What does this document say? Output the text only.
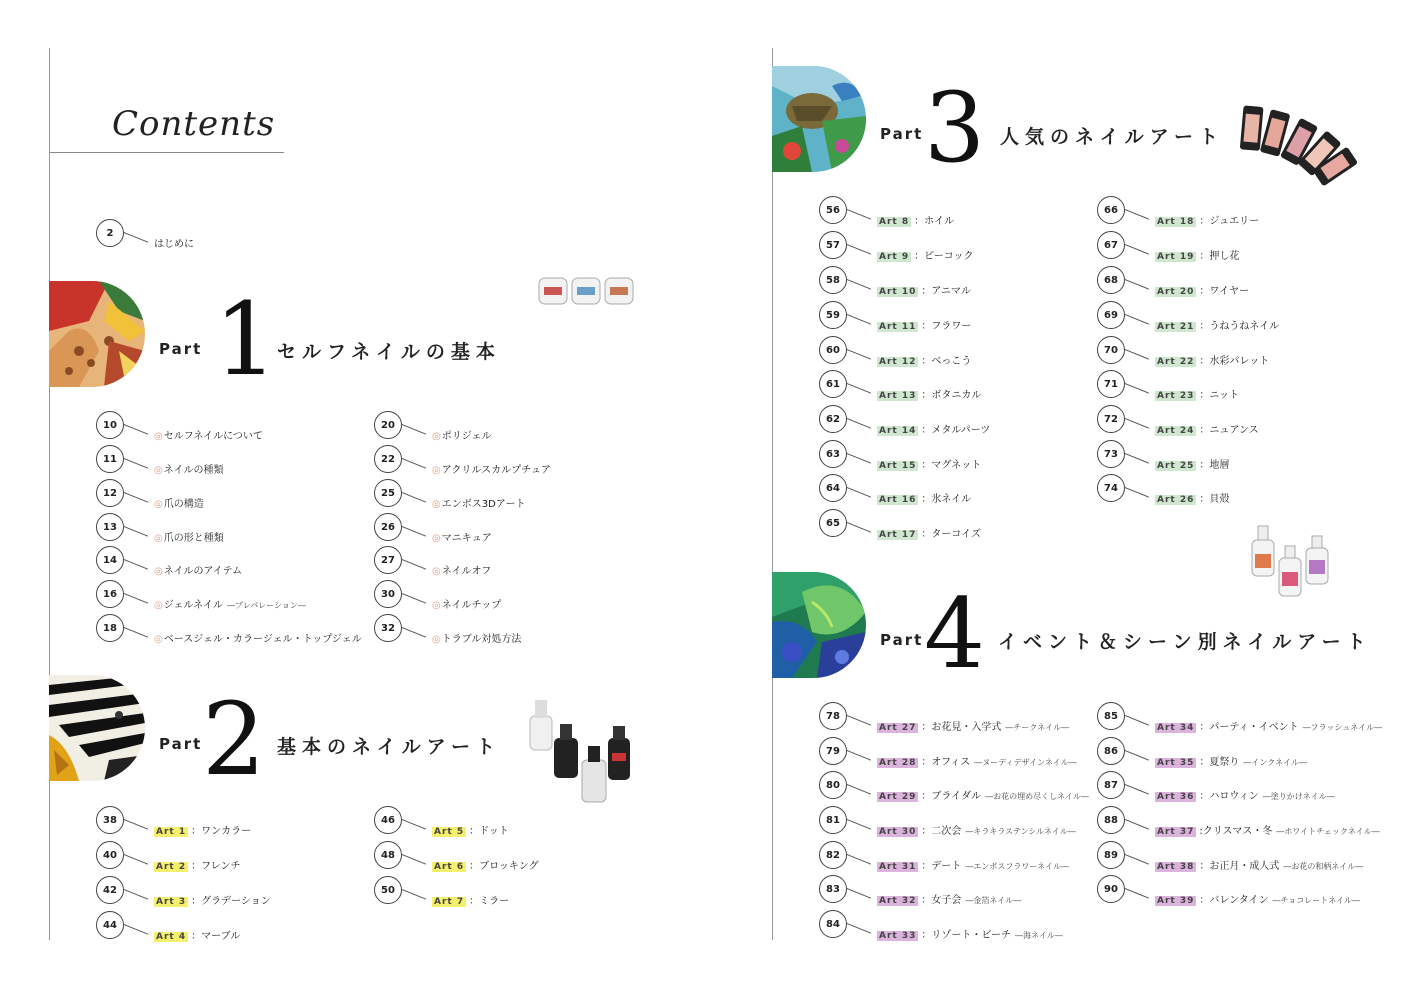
Contents
2
はじめに
Part 1 セルフネイルの基本
10
◎セルフネイルについて
11
◎ネイルの種類
12
◎爪の構造
13
◎爪の形と種類
14
◎ネイルのアイテム
16
◎ジェルネイル ―プレパレーション―
18
◎ベースジェル・カラージェル・トップジェル
20
◎ポリジェル
22
◎アクリルスカルプチュア
25
◎エンボス3Dアート
26
◎マニキュア
27
◎ネイルオフ
30
◎ネイルチップ
32
◎トラブル対処方法
Part 2 基本のネイルアート
38
Art 1 ：ワンカラー
40
Art 2 ：フレンチ
42
Art 3 ：グラデーション
44
Art 4 ：マーブル
46
Art 5 ：ドット
48
Art 6 ：ブロッキング
50
Art 7 ：ミラー
Part 3 人気のネイルアート
56
Art 8 ：ホイル
57
Art 9 ：ピーコック
58
Art 10 ：アニマル
59
Art 11 ：フラワー
60
Art 12 ：べっこう
61
Art 13 ：ボタニカル
62
Art 14 ：メタルパーツ
63
Art 15 ：マグネット
64
Art 16 ：氷ネイル
65
Art 17 ：ターコイズ
66
Art 18 ：ジュエリー
67
Art 19 ：押し花
68
Art 20 ：ワイヤー
69
Art 21 ：うねうねネイル
70
Art 22 ：水彩パレット
71
Art 23 ：ニット
72
Art 24 ：ニュアンス
73
Art 25 ：地層
74
Art 26 ：貝殻
Part 4 イベント＆シーン別ネイルアート
78
Art 27 ：お花見・入学式 ―チークネイル―
79
Art 28 ：オフィス ―ヌーディデザインネイル―
80
Art 29 ：ブライダル ―お花の埋め尽くしネイル―
81
Art 30 ：二次会 ―キラキラステンシルネイル―
82
Art 31 ：デート ―エンボスフラワーネイル―
83
Art 32 ：女子会 ―金箔ネイル―
84
Art 33 ：リゾート・ビーチ ―海ネイル―
85
Art 34 ：パーティ・イベント ―フラッシュネイル―
86
Art 35 ：夏祭り ―インクネイル―
87
Art 36 ：ハロウィン ―塗りかけネイル―
88
Art 37 :クリスマス・冬 ―ホワイトチェックネイル―
89
Art 38 ：お正月・成人式 ―お花の和柄ネイル―
90
Art 39 ：バレンタイン ―チョコレートネイル―
